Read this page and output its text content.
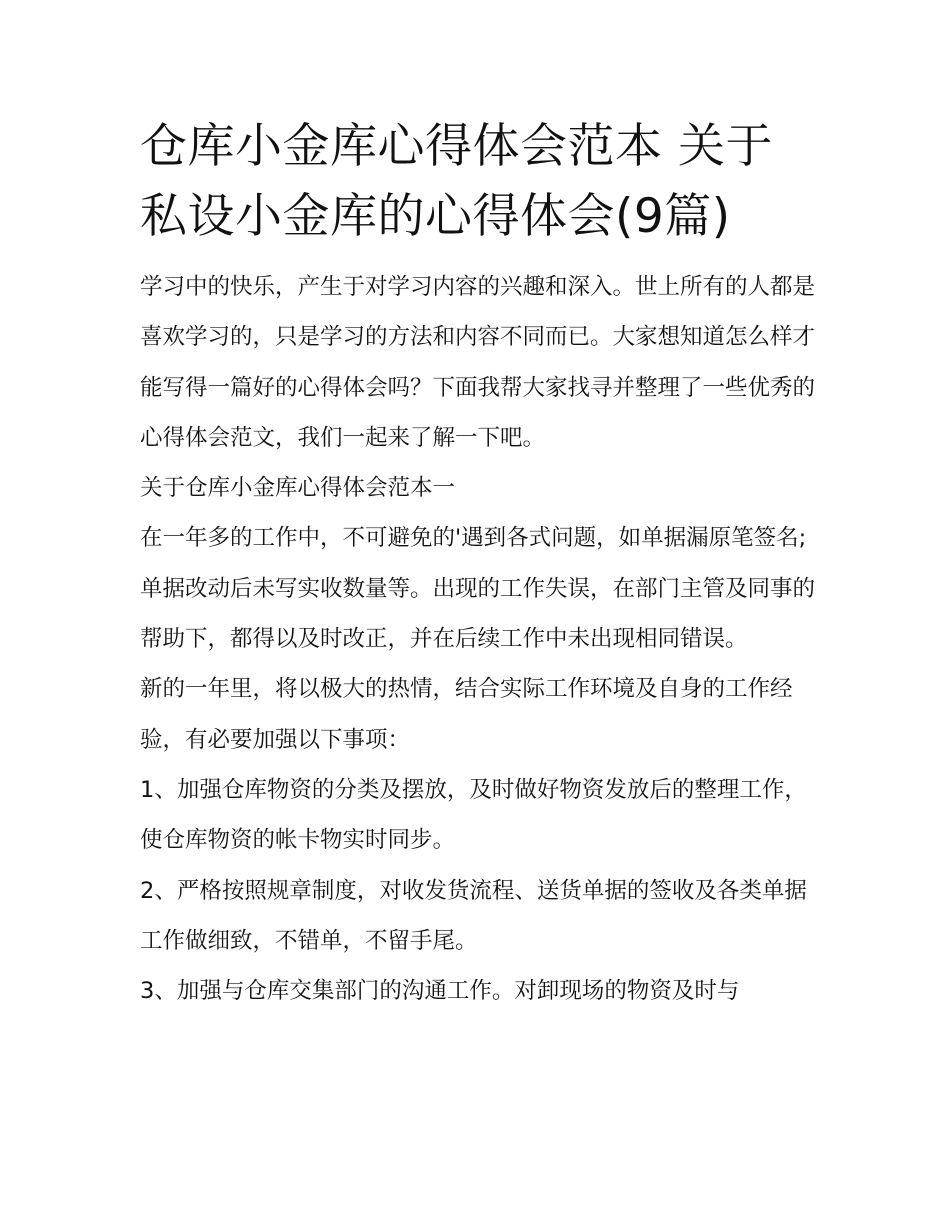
仓库小金库心得体会范本 关于私设小金库的心得体会(9篇)

学习中的快乐，产生于对学习内容的兴趣和深入。世上所有的人都是喜欢学习的，只是学习的方法和内容不同而已。大家想知道怎么样才能写得一篇好的心得体会吗？下面我帮大家找寻并整理了一些优秀的心得体会范文，我们一起来了解一下吧。

关于仓库小金库心得体会范本一

在一年多的工作中，不可避免的'遇到各式问题，如单据漏原笔签名;单据改动后未写实收数量等。出现的工作失误，在部门主管及同事的帮助下，都得以及时改正，并在后续工作中未出现相同错误。

新的一年里，将以极大的热情，结合实际工作环境及自身的工作经验，有必要加强以下事项：

1、加强仓库物资的分类及摆放，及时做好物资发放后的整理工作，使仓库物资的帐卡物实时同步。

2、严格按照规章制度，对收发货流程、送货单据的签收及各类单据工作做细致，不错单，不留手尾。

3、加强与仓库交集部门的沟通工作。对卸现场的物资及时与
